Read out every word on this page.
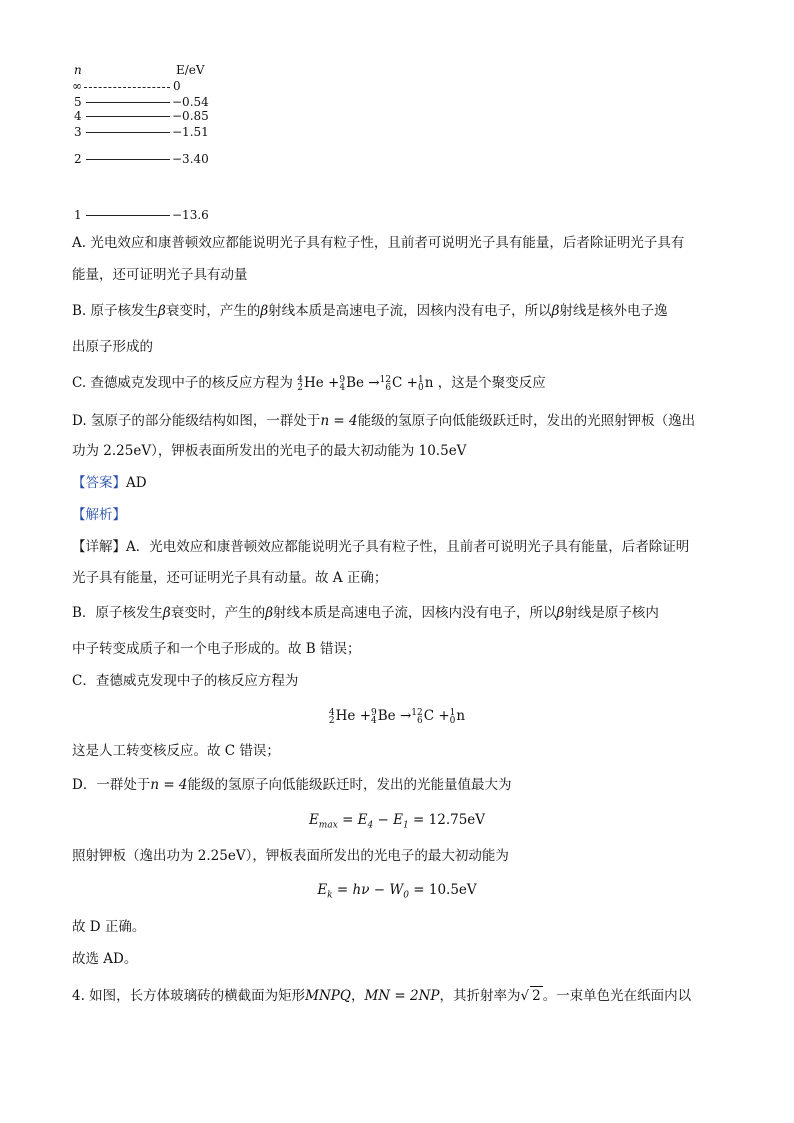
n	E/eV
∞	0
5	−0.54
4	−0.85
3	−1.51
2	−3.40
1	−13.6
A. 光电效应和康普顿效应都能说明光子具有粒子性，且前者可说明光子具有能量，后者除证明光子具有
能量，还可证明光子具有动量
B. 原子核发生β衰变时，产生的β射线本质是高速电子流，因核内没有电子，所以β射线是核外电子逸
出原子形成的
C. 查德威克发现中子的核反应方程为 4
2 He + 9
4 Be → 12
6 C + 1
0 n ，这是个聚变反应
D. 氢原子的部分能级结构如图，一群处于n = 4能级的氢原子向低能级跃迁时，发出的光照射钾板（逸出
功为 2.25eV），钾板表面所发出的光电子的最大初动能为 10.5eV
【答案】AD
【解析】
【详解】A．光电效应和康普顿效应都能说明光子具有粒子性，且前者可说明光子具有能量，后者除证明
光子具有能量，还可证明光子具有动量。故 A 正确；
B．原子核发生β衰变时，产生的β射线本质是高速电子流，因核内没有电子，所以β射线是原子核内
中子转变成质子和一个电子形成的。故 B 错误；
C．查德威克发现中子的核反应方程为
4
2 He + 9
4 Be → 12
6 C + 1
0 n
这是人工转变核反应。故 C 错误；
D．一群处于n = 4能级的氢原子向低能级跃迁时，发出的光能量值最大为
$E_{max} = E_4 - E_1 = 12.75eV$
照射钾板（逸出功为 2.25eV），钾板表面所发出的光电子的最大初动能为
$E_k = h\nu - W_0 = 10.5eV$
故 D 正确。
故选 AD。
4. 如图，长方体玻璃砖的横截面为矩形MNPQ，MN = 2NP，其折射率为√ 2 。一束单色光在纸面内以
